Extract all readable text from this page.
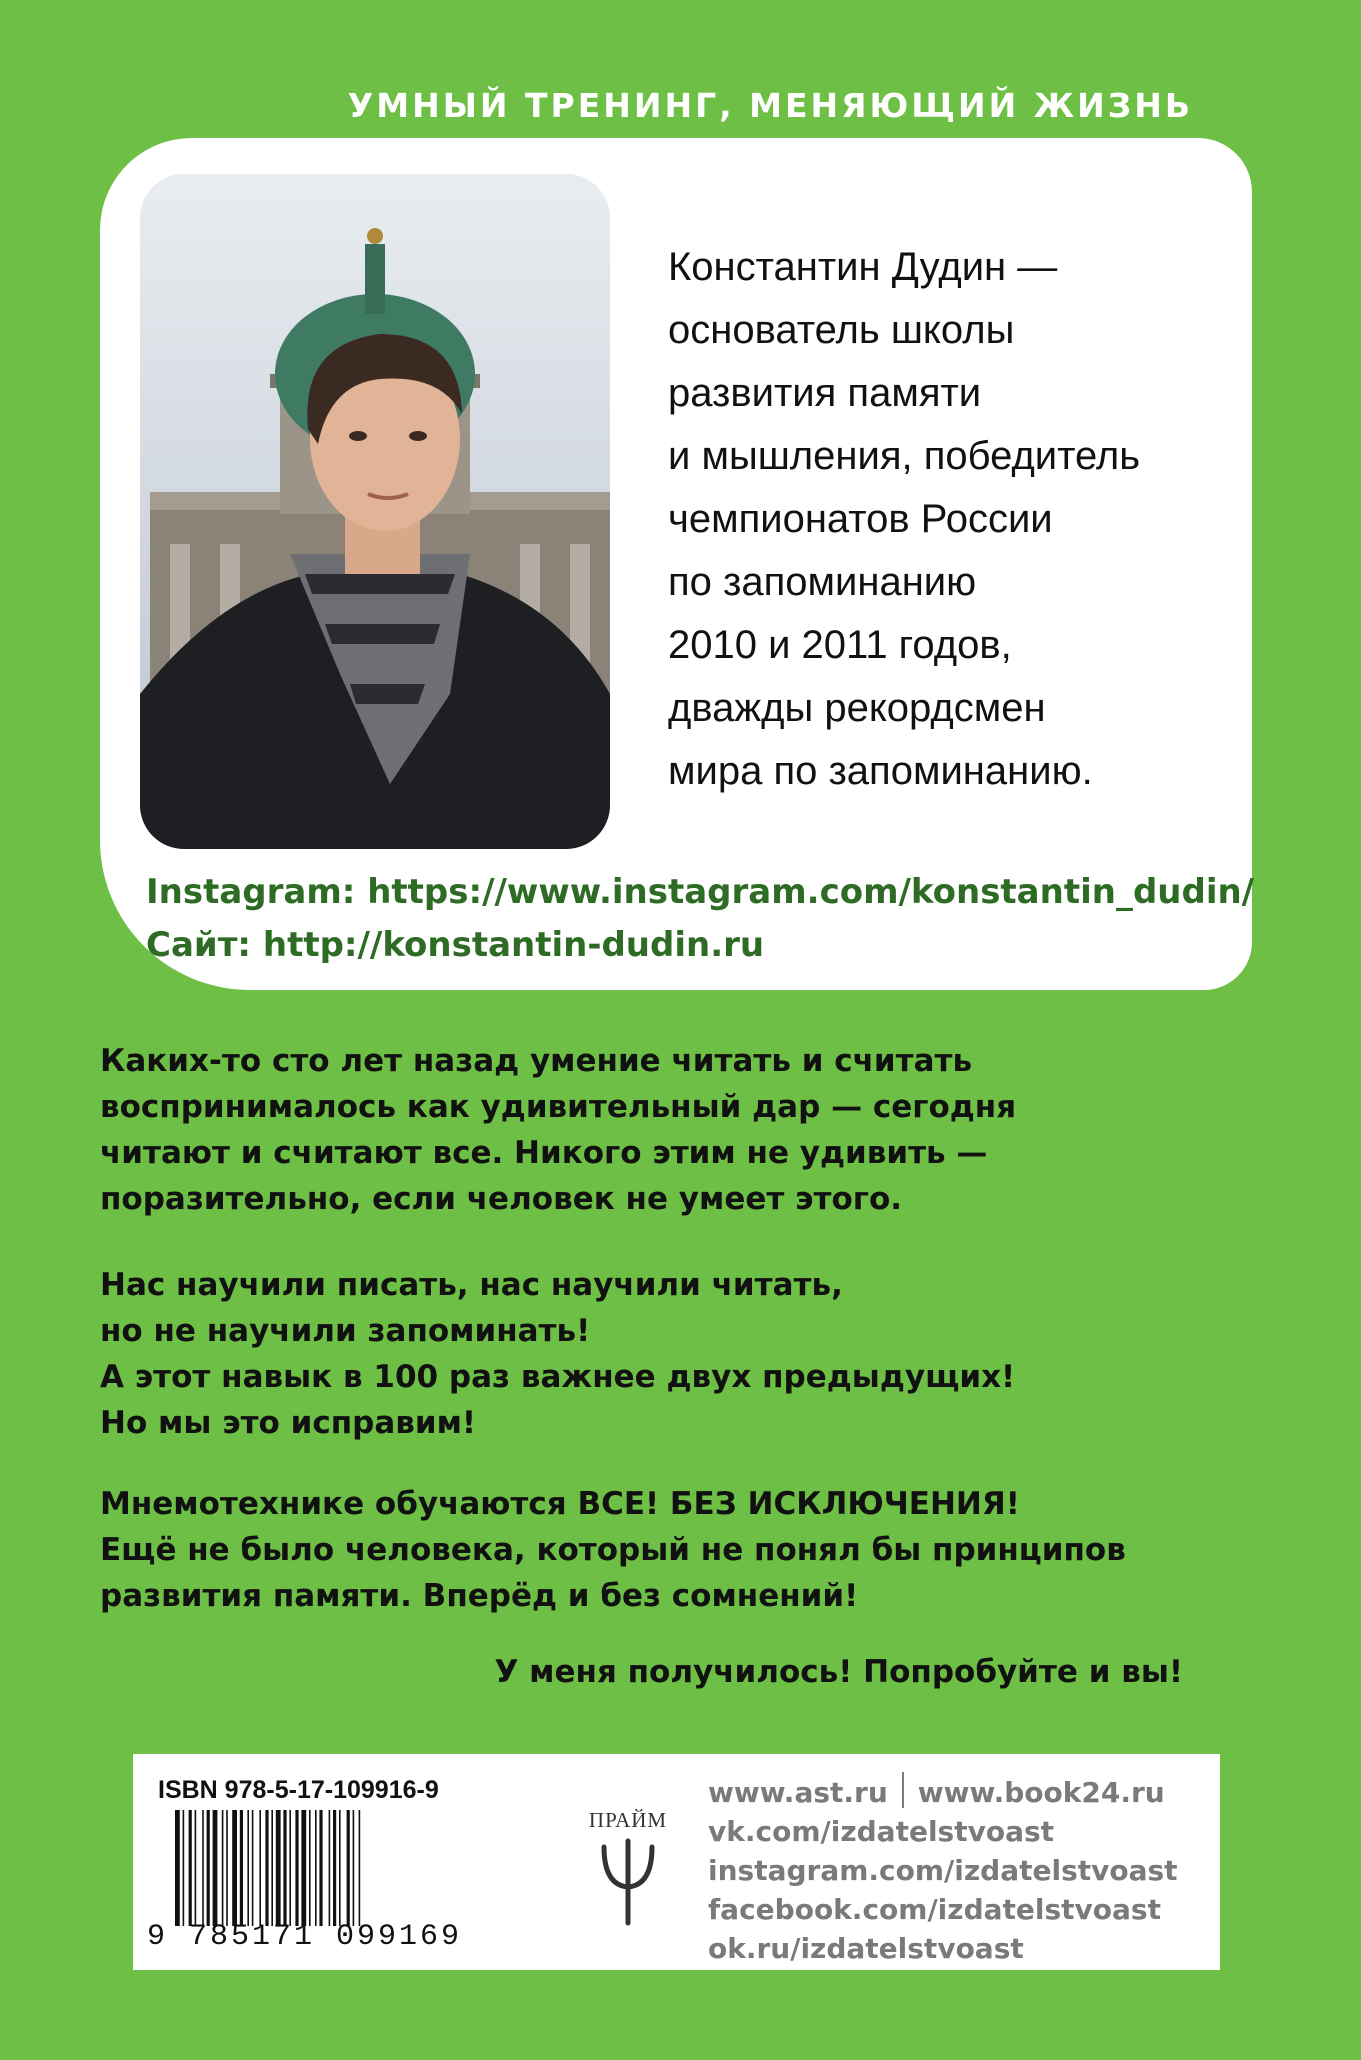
УМНЫЙ ТРЕНИНГ, МЕНЯЮЩИЙ ЖИЗНЬ
Константин Дудин —
основатель школы
развития памяти
и мышления, победитель
чемпионатов России
по запоминанию
2010 и 2011 годов,
дважды рекордсмен
мира по запоминанию.
Instagram: https://www.instagram.com/konstantin_dudin/
Сайт: http://konstantin-dudin.ru
Каких-то сто лет назад умение читать и считать
воспринималось как удивительный дар — сегодня
читают и считают все. Никого этим не удивить —
поразительно, если человек не умеет этого.
Нас научили писать, нас научили читать,
но не научили запоминать!
А этот навык в 100 раз важнее двух предыдущих!
Но мы это исправим!
Мнемотехнике обучаются ВСЕ! БЕЗ ИСКЛЮЧЕНИЯ!
Ещё не было человека, который не понял бы принципов
развития памяти. Вперёд и без сомнений!
У меня получилось! Попробуйте и вы!
ISBN 978-5-17-109916-9
9 785171 099169
ПРАЙМ
www.ast.ru www.book24.ru
vk.com/izdatelstvoast
instagram.com/izdatelstvoast
facebook.com/izdatelstvoast
ok.ru/izdatelstvoast
